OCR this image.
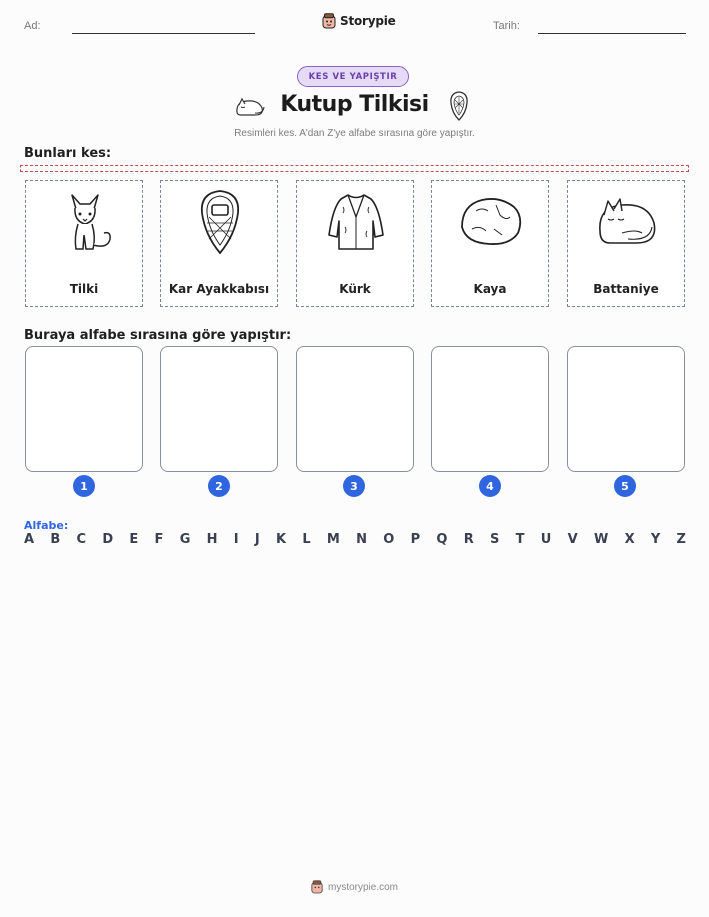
Ad:	Storypie	Tarih:
KES VE YAPIŞTIR
Kutup Tilkisi
Resimleri kes. A'dan Z'ye alfabe sırasına göre yapıştır.
Bunları kes:
Tilki	Kar Ayakkabısı	Kürk	Kaya	Battaniye
Buraya alfabe sırasına göre yapıştır:
1	2	3	4	5
Alfabe:
A B C D E F G H I J K L M N O P Q R S T U V W X Y Z
mystorypie.com
